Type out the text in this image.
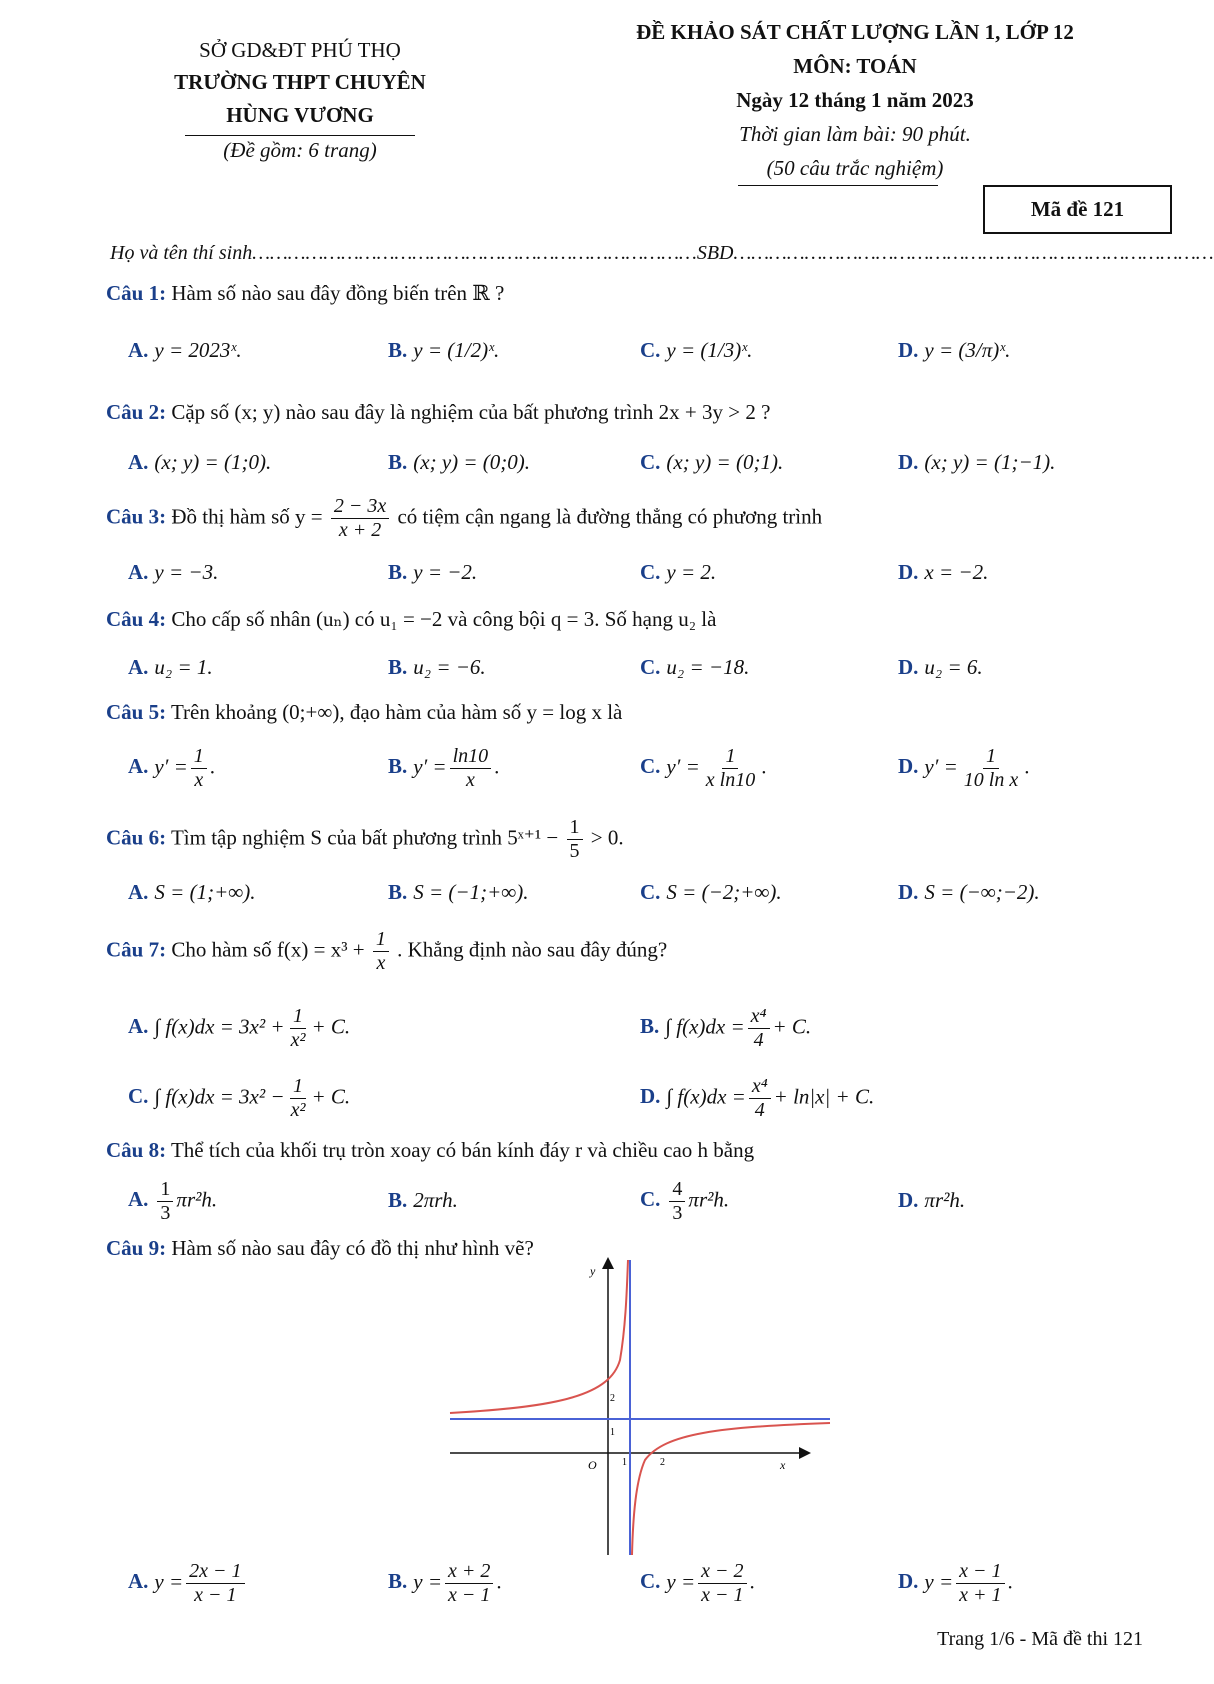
SỞ GD&ĐT PHÚ THỌ
TRƯỜNG THPT CHUYÊN
HÙNG VƯƠNG
(Đề gồm: 6 trang)
ĐỀ KHẢO SÁT CHẤT LƯỢNG LẦN 1, LỚP 12
MÔN: TOÁN
Ngày 12 tháng 1 năm 2023
Thời gian làm bài: 90 phút.
(50 câu trắc nghiệm)
Mã đề 121
Họ và tên thí sinh…………………………………………………………………SBD………………………………………………………………………
Câu 1: Hàm số nào sau đây đồng biến trên ℝ ?
A. y = 2023ˣ.	B. y = (1/2)ˣ.	C. y = (1/3)ˣ.	D. y = (3/π)ˣ.
Câu 2: Cặp số (x; y) nào sau đây là nghiệm của bất phương trình 2x + 3y > 2 ?
A. (x; y) = (1;0).	B. (x; y) = (0;0).	C. (x; y) = (0;1).	D. (x; y) = (1;−1).
Câu 3: Đồ thị hàm số $y = \frac{2 - 3x}{x + 2}$ có tiệm cận ngang là đường thẳng có phương trình
A. y = −3.	B. y = −2.	C. y = 2.	D. x = −2.
Câu 4: Cho cấp số nhân (uₙ) có u₁ = −2 và công bội q = 3. Số hạng u₂ là
A. u₂ = 1.	B. u₂ = −6.	C. u₂ = −18.	D. u₂ = 6.
Câu 5: Trên khoảng (0;+∞), đạo hàm của hàm số y = log x là
A. $y' = \frac{1}{x}$ .	B. $y' = \frac{\ln 10}{x}$ .	C. $y' = \frac{1}{\text{x ln10}}$ .	D. $y' = \frac{1}{\text{10 ln x}}$ .
Câu 6: Tìm tập nghiệm S của bất phương trình 5ˣ⁺¹ − $\frac{1}{5} > 0$.
A. S = (1;+∞).	B. S = (−1;+∞).	C. S = (−2;+∞).	D. S = (−∞;−2).
Câu 7: Cho hàm số $f(x) = x^3 + \frac{1}{x}$ . Khẳng định nào sau đây đúng?
A. ∫ $f(x)dx = 3x^2 + \frac{1}{\text{x²}} + C$.	B. ∫ $f(x)dx = \frac{\text{x⁴}}{4} + C$.
C. ∫ $f(x)dx = 3x^2 - \frac{1}{\text{x²}} + C$.	D. ∫ $f(x)dx = \frac{\text{x⁴}}{4} + \ln|x| + C$.
Câu 8: Thể tích của khối trụ tròn xoay có bán kính đáy r và chiều cao h bằng
A. $\frac{1}{3} \pi r^2h$.	B. 2πrh.	C. $\frac{4}{3} \pi r^2h$.	D. πr²h.
Câu 9: Hàm số nào sau đây có đồ thị như hình vẽ?
y
x
O	1	2
1
2
A. $y = \frac{2x - 1}{x - 1}$	B. $y = \frac{x + 2}{x - 1}$ .	C. $y = \frac{x - 2}{x - 1}$ .	D. $y = \frac{x - 1}{x + 1}$ .
Trang 1/6 - Mã đề thi 121
